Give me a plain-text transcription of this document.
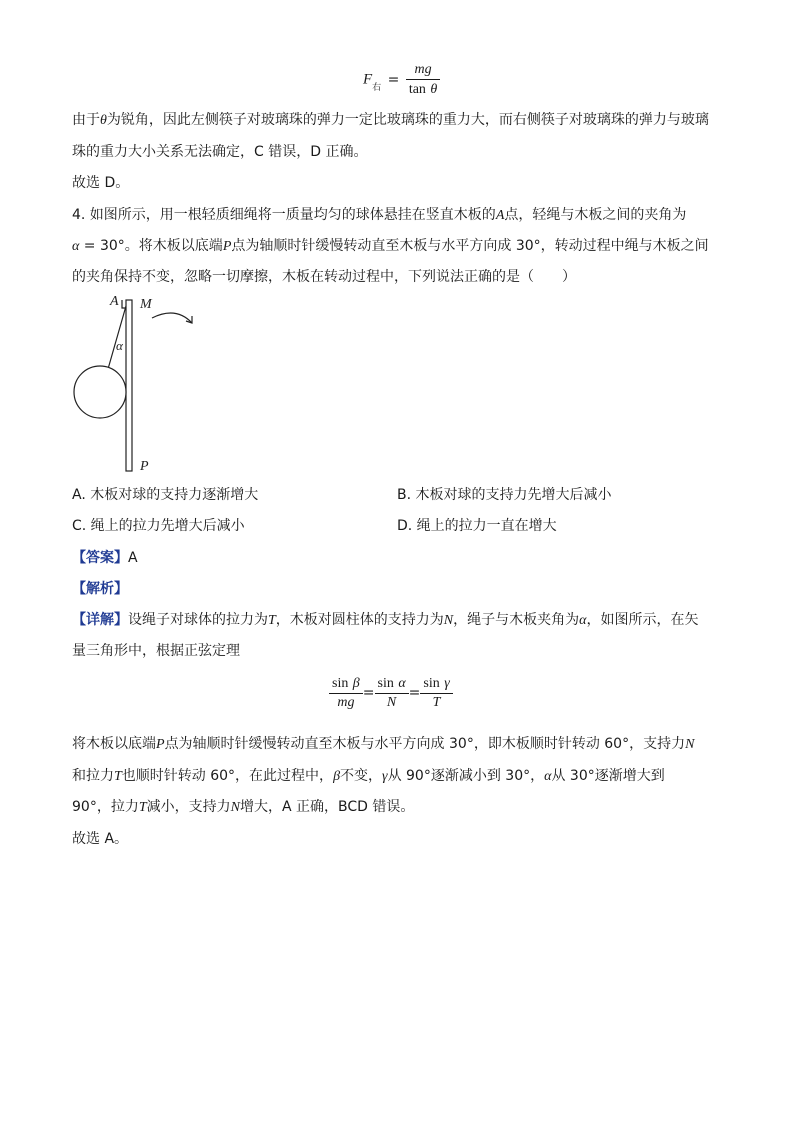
$F_右 = \frac{mg}{\text{tan θ}}$
由于θ为锐角，因此左侧筷子对玻璃珠的弹力一定比玻璃珠的重力大，而右侧筷子对玻璃珠的弹力与玻璃
珠的重力大小关系无法确定，C 错误，D 正确。
故选 D。
4. 如图所示，用一根轻质细绳将一质量均匀的球体悬挂在竖直木板的A点，轻绳与木板之间的夹角为
α = 30°。将木板以底端P点为轴顺时针缓慢转动直至木板与水平方向成 30°，转动过程中绳与木板之间
的夹角保持不变，忽略一切摩擦，木板在转动过程中，下列说法正确的是（　　）
A M
α
P
A. 木板对球的支持力逐渐增大	B. 木板对球的支持力先增大后减小
C. 绳上的拉力先增大后减小	D. 绳上的拉力一直在增大
【答案】A
【解析】
【详解】设绳子对球体的拉力为T，木板对圆柱体的支持力为N，绳子与木板夹角为α，如图所示，在矢
量三角形中，根据正弦定理
$\frac{\text{sin β}}{mg} = \frac{\text{sin α}}{N} = \frac{\text{sin γ}}{T}$
将木板以底端P点为轴顺时针缓慢转动直至木板与水平方向成 30°，即木板顺时针转动 60°，支持力N
和拉力T也顺时针转动 60°，在此过程中，β不变，γ从 90°逐渐减小到 30°，α从 30°逐渐增大到
90°，拉力T减小，支持力N增大，A 正确，BCD 错误。
故选 A。
